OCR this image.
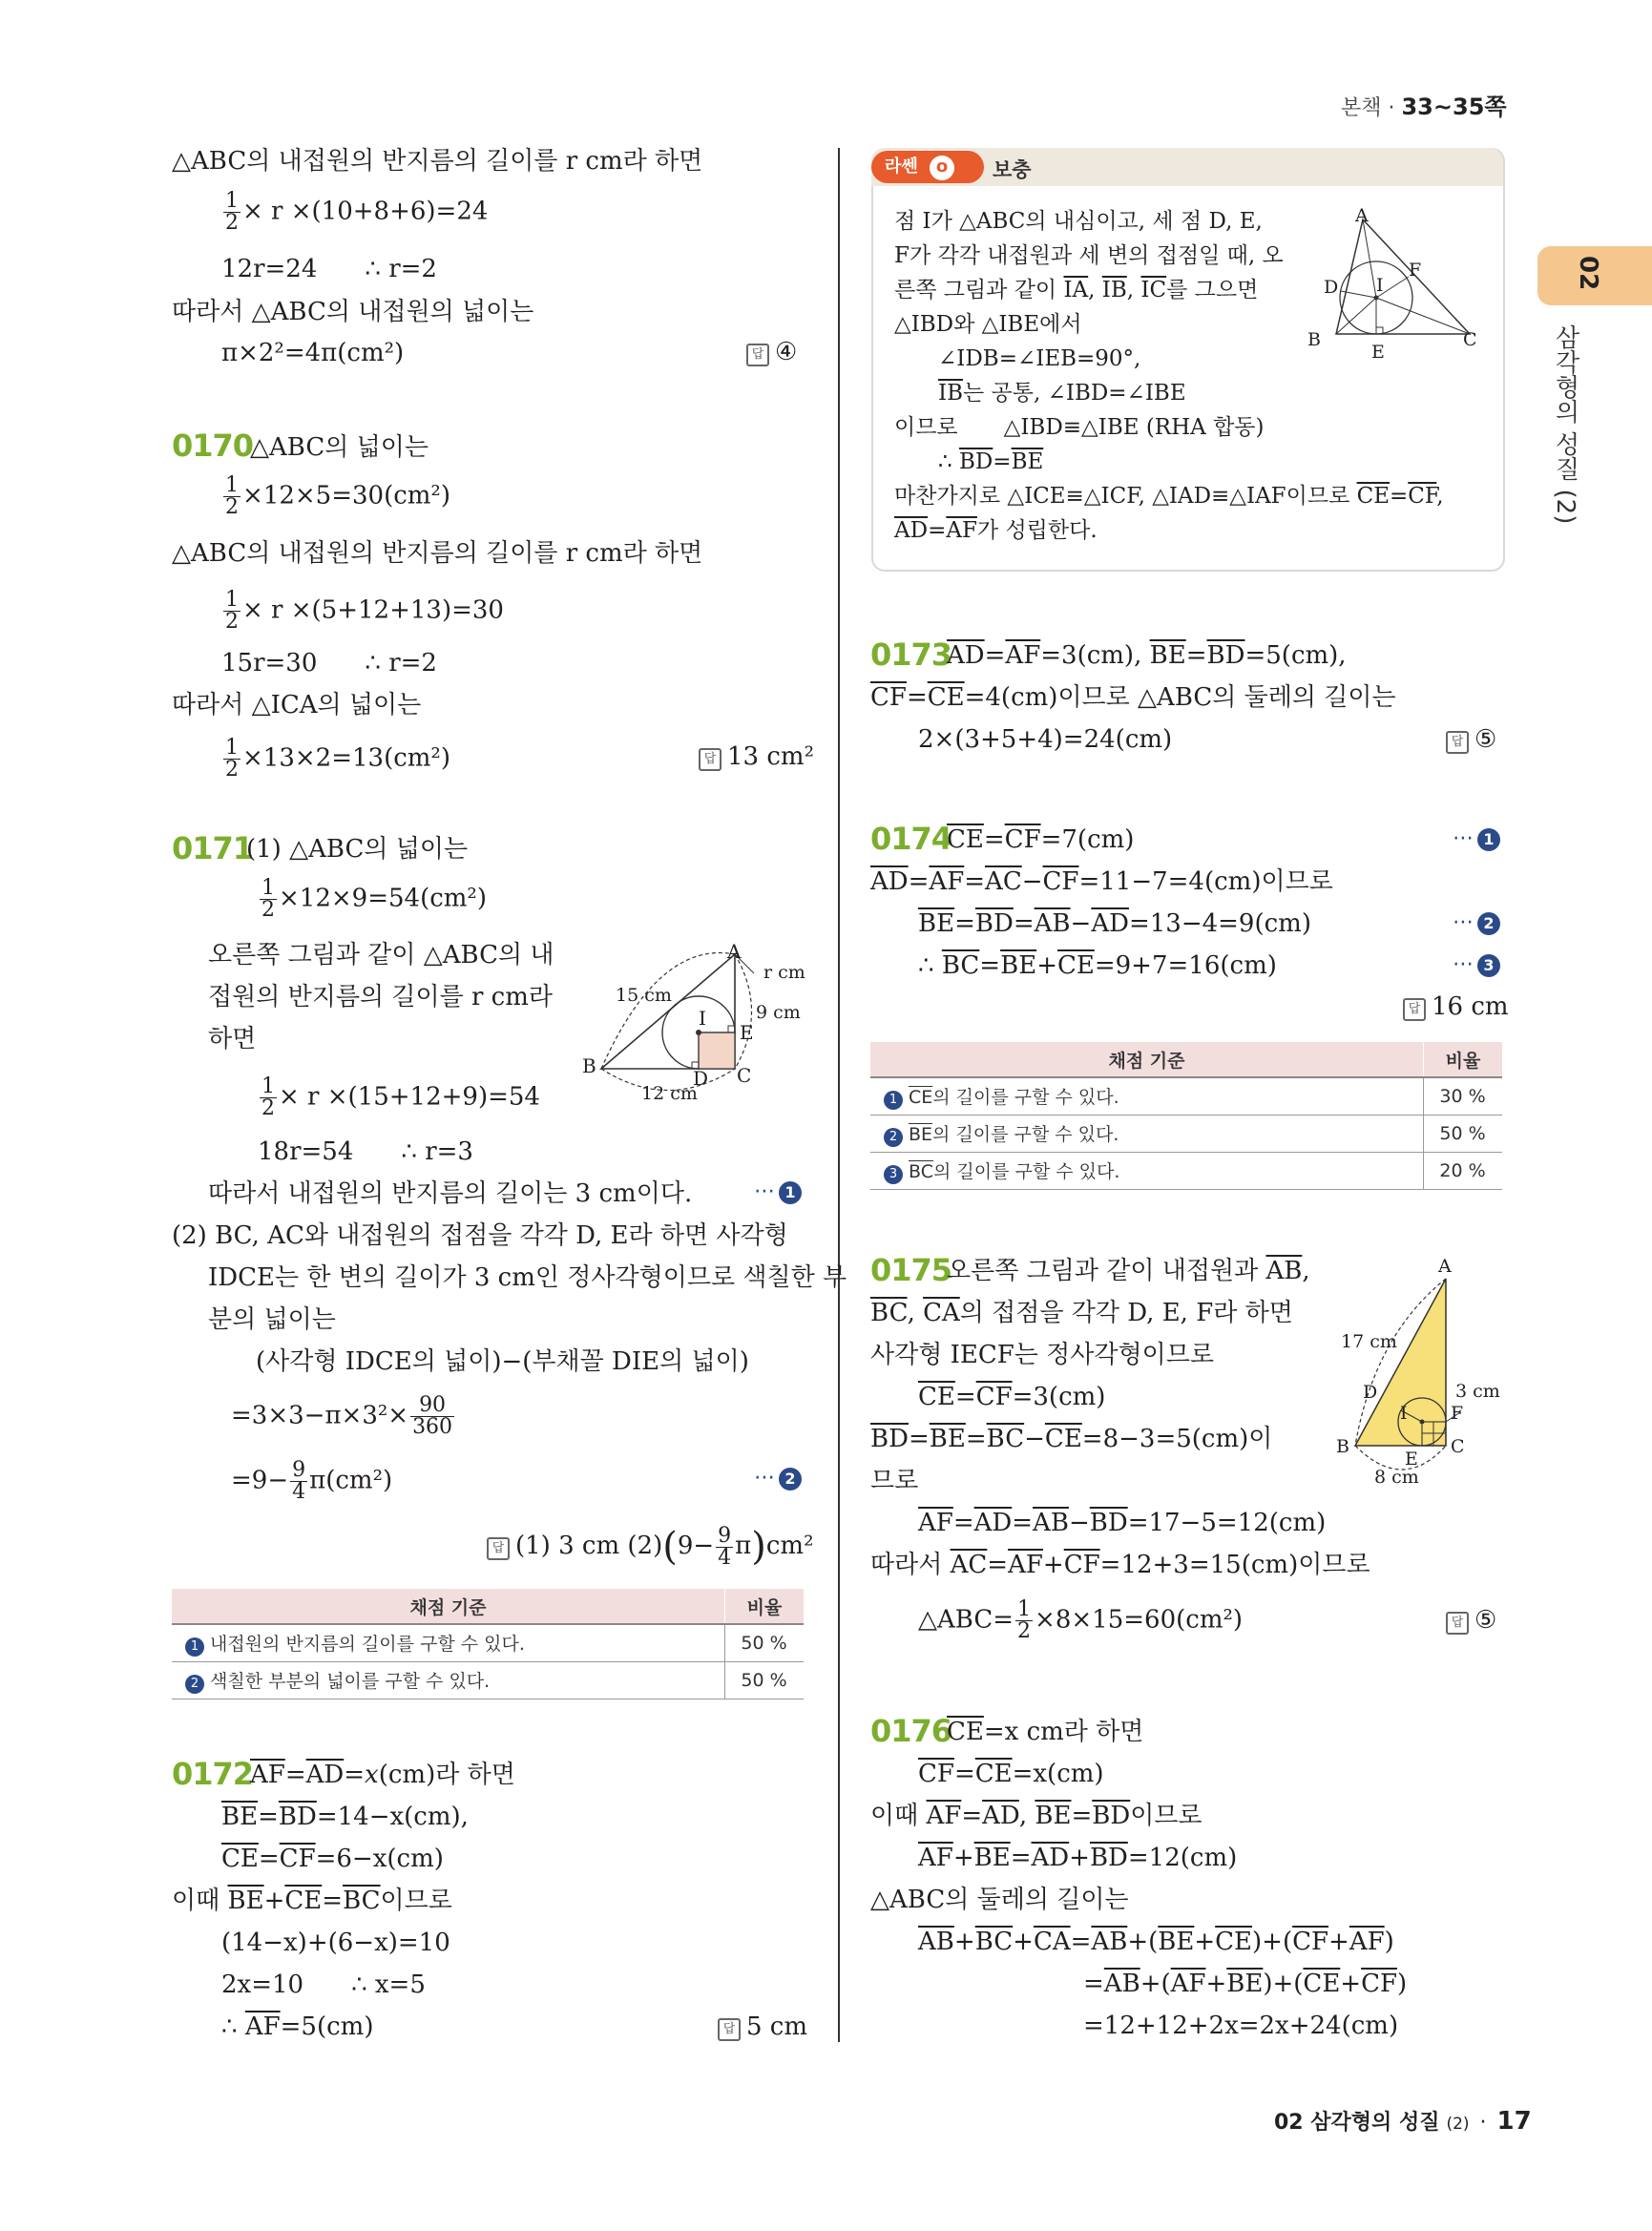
본책 · 33~35쪽
02
삼각형의 성질 (2)
△ABC의 내접원의 반지름의 길이를 r cm라 하면
$\frac{1}{2} \times r \times(10+8+6)=24$
12r=24 ∴ r=2
따라서 △ABC의 내접원의 넓이는
π×2²=4π(cm²)	답 ④
0170
△ABC의 넓이는
$\frac{1}{2} \times 12\times 5=30(cm^2)$
△ABC의 내접원의 반지름의 길이를 r cm라 하면
$\frac{1}{2} \times r \times(5+12+13)=30$
15r=30 ∴ r=2
따라서 △ICA의 넓이는
$\frac{1}{2} \times 13\times 2=13(cm^2)$	답 13 cm²
0171
(1) △ABC의 넓이는
$\frac{1}{2} \times 12\times 9=54(cm^2)$
오른쪽 그림과 같이 △ABC의 내
접원의 반지름의 길이를 r cm라
하면
A
B	C
D
E
I
15 cm
12 cm
9 cm
r cm
$\frac{1}{2} \times r \times(15+12+9)=54$
18r=54 ∴ r=3
따라서 내접원의 반지름의 길이는 3 cm이다.	⋯ 1
(2) BC, AC와 내접원의 접점을 각각 D, E라 하면 사각형
IDCE는 한 변의 길이가 3 cm인 정사각형이므로 색칠한 부
분의 넓이는
(사각형 IDCE의 넓이)−(부채꼴 DIE의 넓이)
$=3\times 3-\pi\times 3^2\times \frac{90}{360}$
$=9- \frac{9}{4} \pi(cm^2)$	⋯ 2
답 (1) 3 cm $(2)(9- \frac{9}{4} \pi)cm^2$
채점 기준	비율
1 내접원의 반지름의 길이를 구할 수 있다.	50 %
2 색칠한 부분의 넓이를 구할 수 있다.	50 %
0172
$\overline{AF}=\overline{AD}=x(cm)$라 하면
$\overline{BE}=\overline{BD}=14-x(cm)$,
$\overline{CE}=\overline{CF}=6-x(cm)$
이때 $\overline{BE}+\overline{CE}=\overline{BC}$이므로
(14−x)+(6−x)=10
2x=10 ∴ x=5
∴ $\overline{AF}=5(cm)$	답 5 cm
라쎈 o	보충
점 I가 △ABC의 내심이고, 세 점 D, E,
F가 각각 내접원과 세 변의 접점일 때, 오
른쪽 그림과 같이 $\overline{IA}$, $\overline{IB}$, $\overline{IC}$를 그으면
△IBD와 △IBE에서
∠IDB=∠IEB=90°,
$\overline{IB}$는 공통, ∠IBD=∠IBE
이므로 △IBD≡△IBE (RHA 합동)
∴ $\overline{BD}=\overline{BE}$
마찬가지로 △ICE≡△ICF, △IAD≡△IAF이므로 $\overline{CE}=\overline{CF}$,
$\overline{AD}=\overline{AF}$가 성립한다.
A
B	C
D
E
F
I
0173
$\overline{AD}=\overline{AF}=3(cm)$, $\overline{BE}=\overline{BD}=5(cm)$,
$\overline{CF}=\overline{CE}=4(cm)$이므로 △ABC의 둘레의 길이는
2×(3+5+4)=24(cm)	답 ⑤
0174
$\overline{CE}=\overline{CF}=7(cm)$	⋯ 1
$\overline{AD}=\overline{AF}=\overline{AC}-\overline{CF}=11-7=4(cm)$이므로
$\overline{BE}=\overline{BD}=\overline{AB}-\overline{AD}=13-4=9(cm)$	⋯ 2
∴ $\overline{BC}=\overline{BE}+\overline{CE}=9+7=16(cm)$	⋯ 3
답 16 cm
채점 기준	비율
1 $\overline{CE}$의 길이를 구할 수 있다.	30 %
2 $\overline{BE}$의 길이를 구할 수 있다.	50 %
3 $\overline{BC}$의 길이를 구할 수 있다.	20 %
0175
오른쪽 그림과 같이 내접원과 $\overline{AB}$,
$\overline{BC}$, $\overline{CA}$의 접점을 각각 D, E, F라 하면
사각형 IECF는 정사각형이므로
$\overline{CE}=\overline{CF}=3(cm)$
$\overline{BD}=\overline{BE}=\overline{BC}-\overline{CE}=8-3=5(cm)$이
므로
$\overline{AF}=\overline{AD}=\overline{AB}-\overline{BD}=17-5=12(cm)$
따라서 $\overline{AC}=\overline{AF}+\overline{CF}=12+3=15(cm)$이므로
△ABC= $\frac{1}{2} \times 8\times 15=60(cm^2)$	답 ⑤
A
B	C
D
E
F
I
17 cm
8 cm
3 cm
0176
$\overline{CE}=x$ cm라 하면
$\overline{CF}=\overline{CE}=x(cm)$
이때 $\overline{AF}=\overline{AD}$, $\overline{BE}=\overline{BD}$이므로
$\overline{AF}+\overline{BE}=\overline{AD}+\overline{BD}=12(cm)$
△ABC의 둘레의 길이는
$\overline{AB}+\overline{BC}+\overline{CA}=\overline{AB}+(\overline{BE}+\overline{CE})+(\overline{CF}+\overline{AF})$
$=\overline{AB}+(\overline{AF}+\overline{BE})+(\overline{CE}+\overline{CF})$
=12+12+2x=2x+24(cm)
02 삼각형의 성질 (2) · 17
